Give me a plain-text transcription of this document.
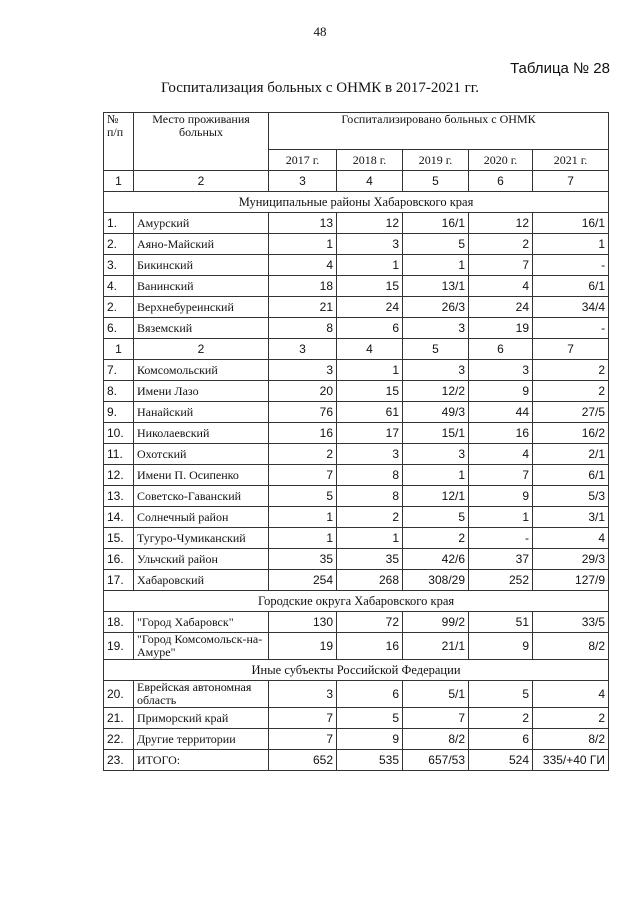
48
Таблица № 28
Госпитализация больных с ОНМК в 2017-2021 гг.
№ п/п	Место проживания больных	Госпитализировано больных с ОНМК				
		2017 г.	2018 г.	2019 г.	2020 г.	2021 г.
1	2	3	4	5	6	7
Муниципальные районы Хабаровского края						
1.	Амурский	13	12	16/1	12	16/1
2.	Аяно-Майский	1	3	5	2	1
3.	Бикинский	4	1	1	7	-
4.	Ванинский	18	15	13/1	4	6/1
2.	Верхнебуреинский	21	24	26/3	24	34/4
6.	Вяземский	8	6	3	19	-
1	2	3	4	5	6	7
7.	Комсомольский	3	1	3	3	2
8.	Имени Лазо	20	15	12/2	9	2
9.	Нанайский	76	61	49/3	44	27/5
10.	Николаевский	16	17	15/1	16	16/2
11.	Охотский	2	3	3	4	2/1
12.	Имени П. Осипенко	7	8	1	7	6/1
13.	Советско-Гаванский	5	8	12/1	9	5/3
14.	Солнечный район	1	2	5	1	3/1
15.	Тугуро-Чумиканский	1	1	2	-	4
16.	Ульчский район	35	35	42/6	37	29/3
17.	Хабаровский	254	268	308/29	252	127/9
Городские округа Хабаровского края						
18.	"Город Хабаровск"	130	72	99/2	51	33/5
19.	"Город Комсомольск-на-Амуре"	19	16	21/1	9	8/2
Иные субъекты Российской Федерации						
20.	Еврейская автономная область	3	6	5/1	5	4
21.	Приморский край	7	5	7	2	2
22.	Другие территории	7	9	8/2	6	8/2
23.	ИТОГО:	652	535	657/53	524	335/+40 ГИ
